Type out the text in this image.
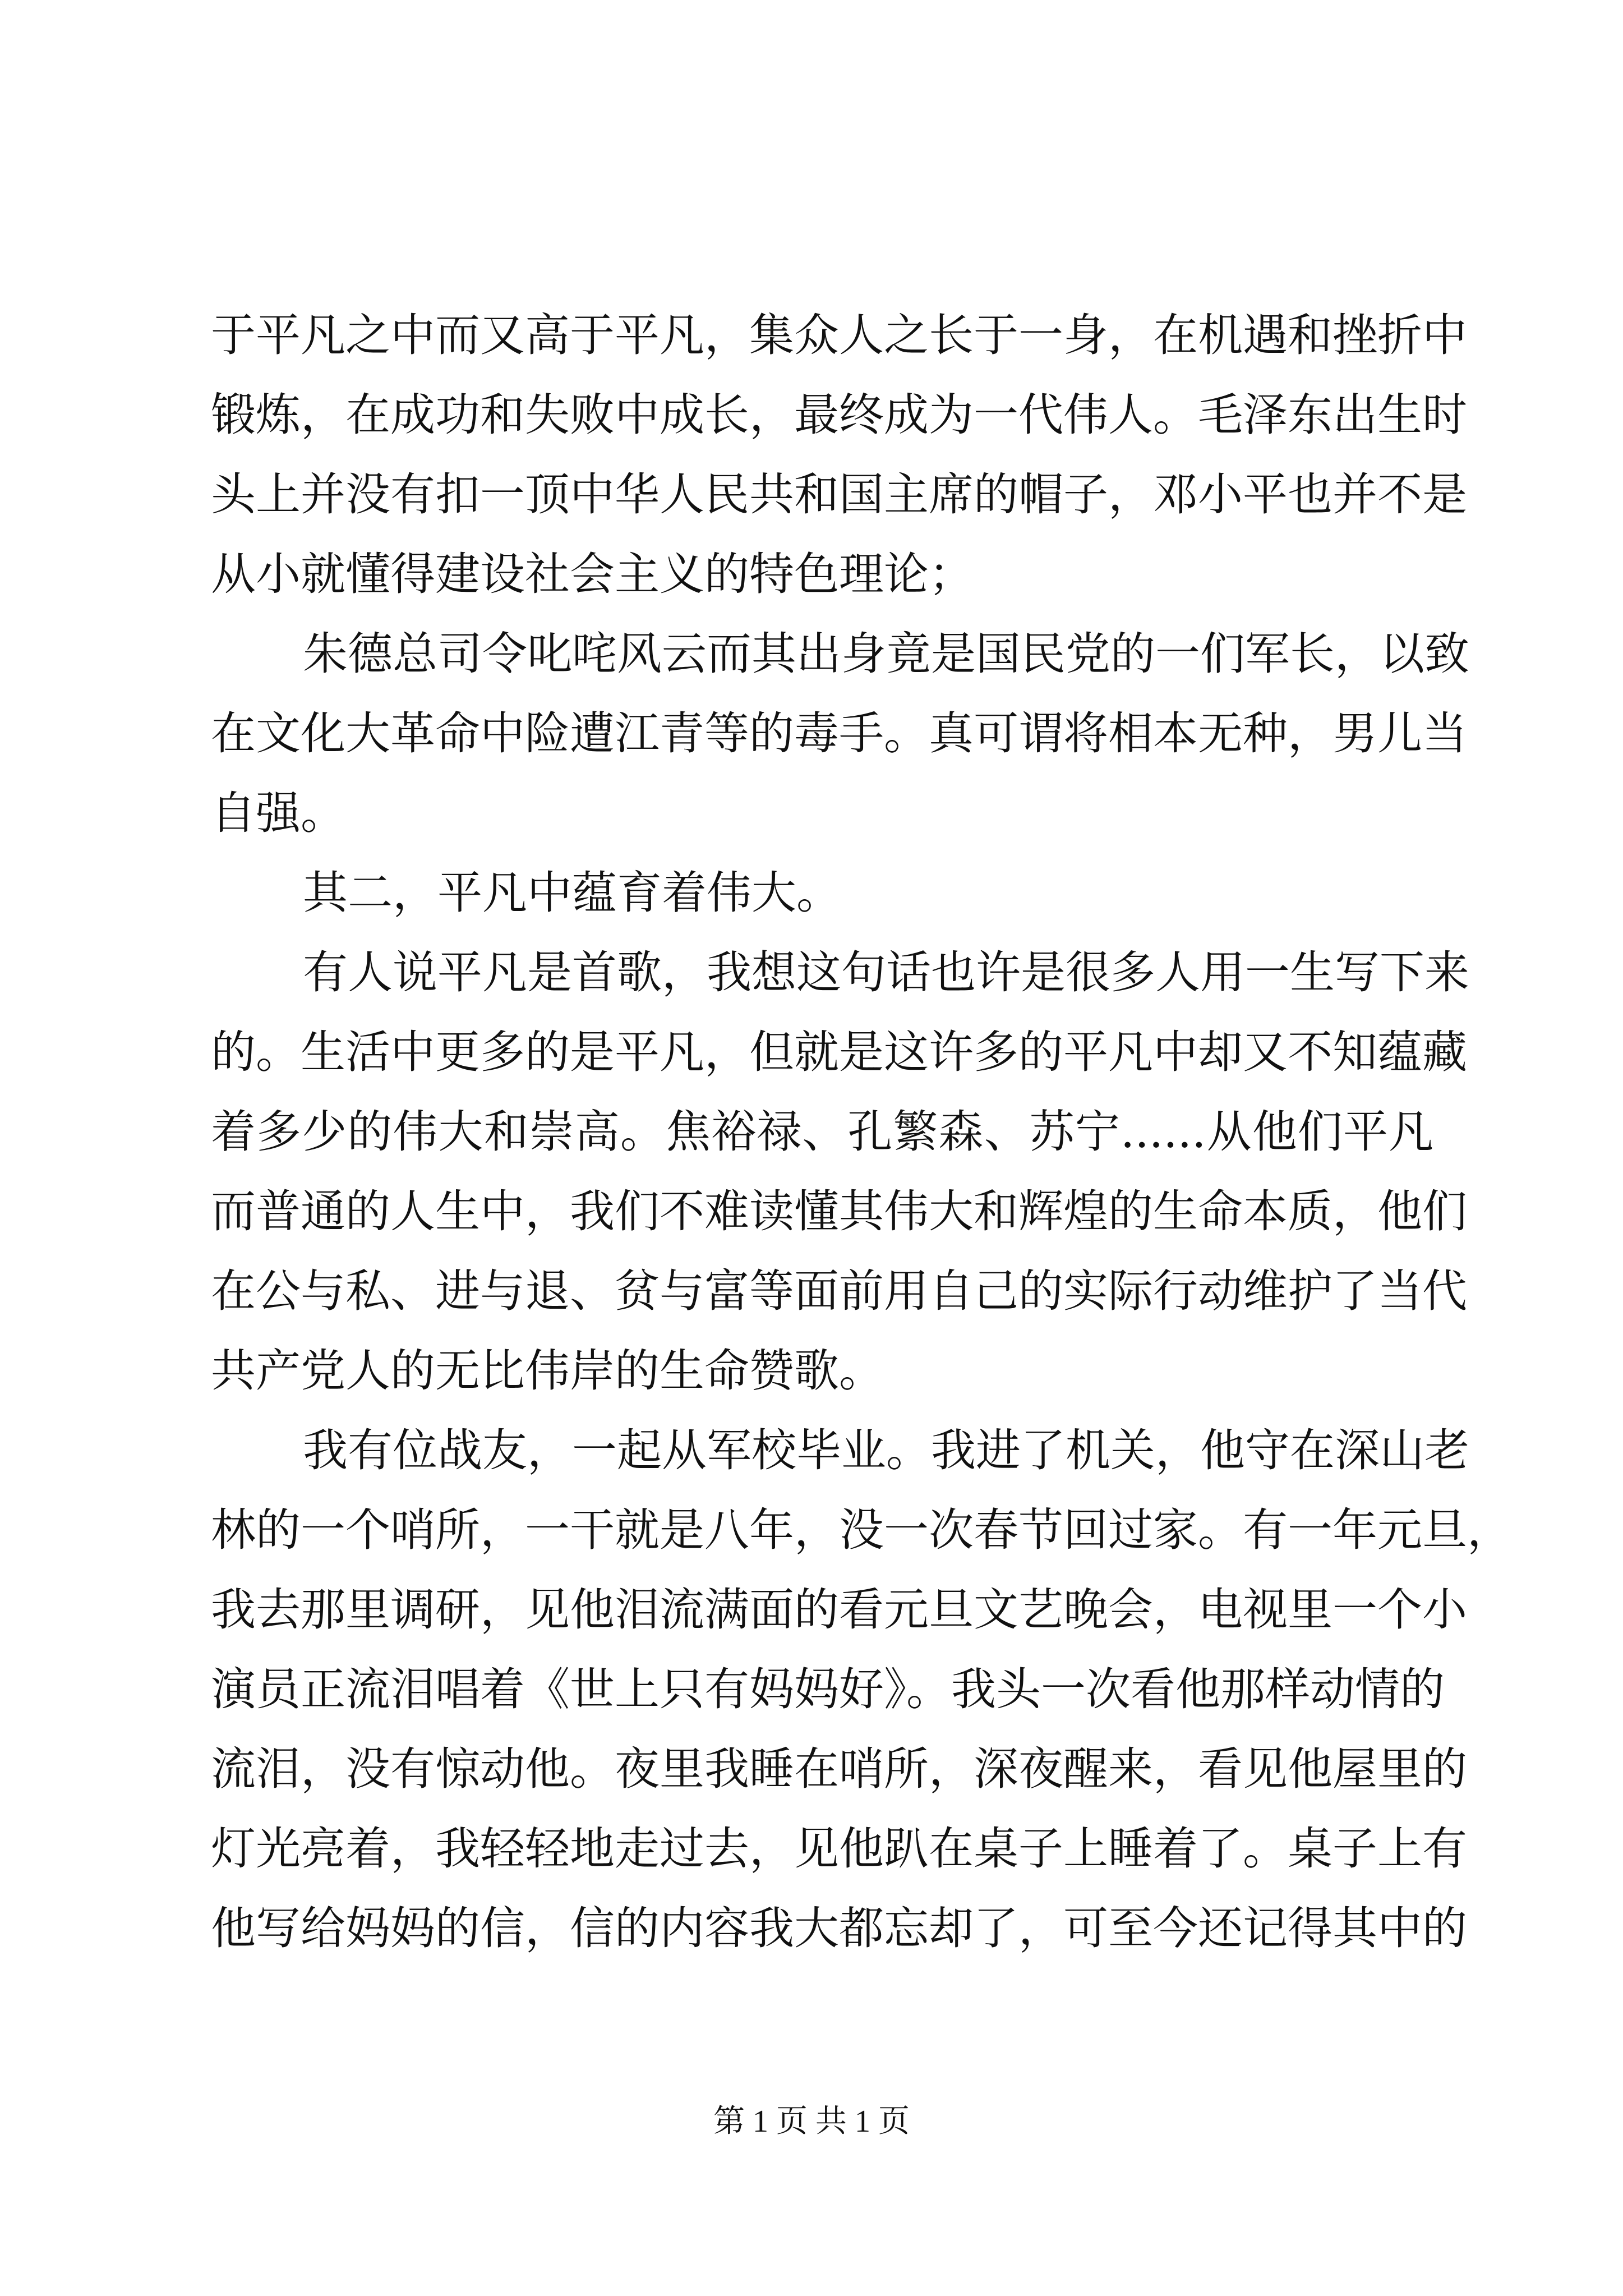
于平凡之中而又高于平凡，集众人之长于一身，在机遇和挫折中
锻炼，在成功和失败中成长，最终成为一代伟人。毛泽东出生时
头上并没有扣一顶中华人民共和国主席的帽子，邓小平也并不是
从小就懂得建设社会主义的特色理论；
朱德总司令叱咤风云而其出身竟是国民党的一们军长，以致
在文化大革命中险遭江青等的毒手。真可谓将相本无种，男儿当
自强。
其二，平凡中蕴育着伟大。
有人说平凡是首歌，我想这句话也许是很多人用一生写下来
的。生活中更多的是平凡，但就是这许多的平凡中却又不知蕴藏
着多少的伟大和崇高。焦裕禄、孔繁森、苏宁......从他们平凡
而普通的人生中，我们不难读懂其伟大和辉煌的生命本质，他们
在公与私、进与退、贫与富等面前用自己的实际行动维护了当代
共产党人的无比伟岸的生命赞歌。
我有位战友，一起从军校毕业。我进了机关，他守在深山老
林的一个哨所，一干就是八年，没一次春节回过家。有一年元旦，
我去那里调研，见他泪流满面的看元旦文艺晚会，电视里一个小
演员正流泪唱着《世上只有妈妈好》。我头一次看他那样动情的
流泪，没有惊动他。夜里我睡在哨所，深夜醒来，看见他屋里的
灯光亮着，我轻轻地走过去，见他趴在桌子上睡着了。桌子上有
他写给妈妈的信，信的内容我大都忘却了，可至今还记得其中的
第 1 页 共 1 页
